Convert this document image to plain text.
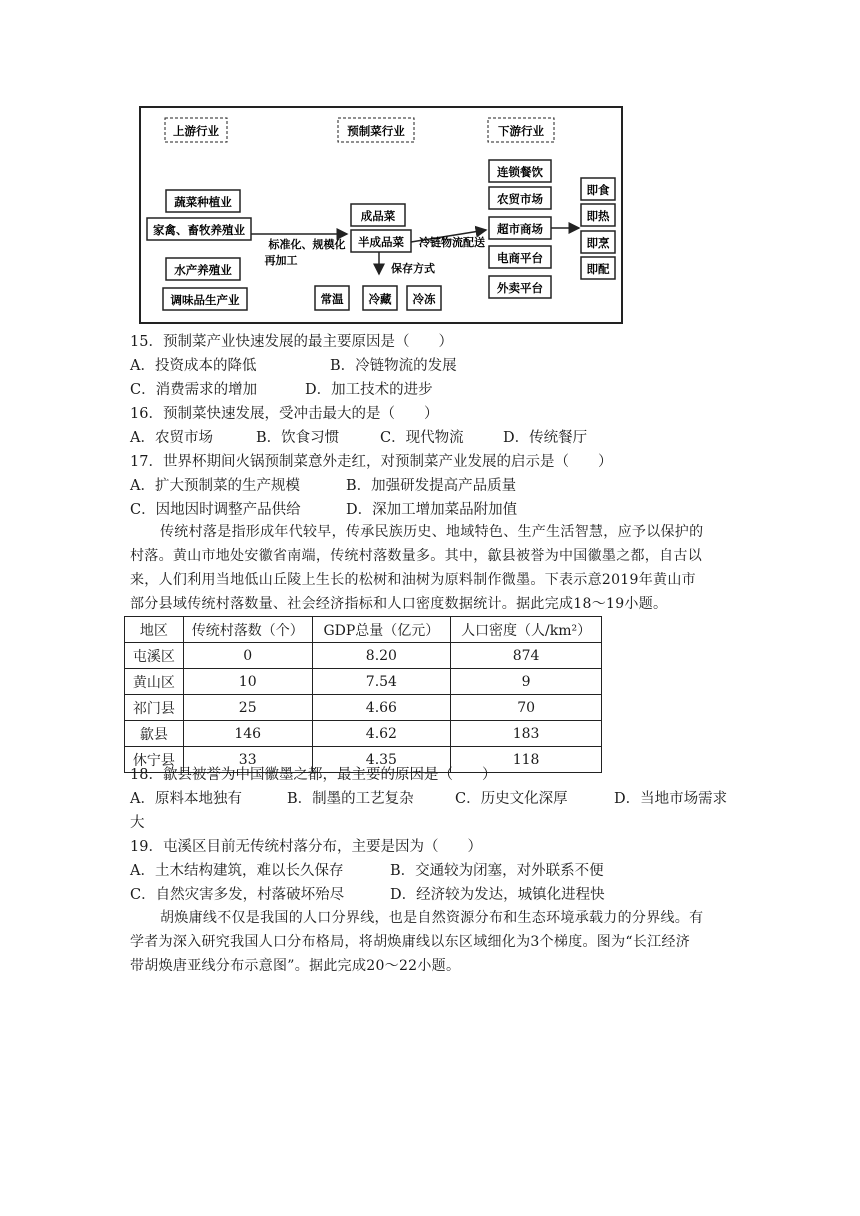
上游行业	预制菜行业	下游行业
蔬菜种植业
家禽、畜牧养殖业
水产养殖业
调味品生产业
标准化、规模化
再加工
成品菜
半成品菜
保存方式
常温 冷藏 冷冻
冷链物流配送
连锁餐饮
农贸市场
超市商场
电商平台
外卖平台
即食
即热
即烹
即配
15．预制菜产业快速发展的最主要原因是（　　）
A．投资成本的降低	B．冷链物流的发展
C．消费需求的增加	D．加工技术的进步
16．预制菜快速发展，受冲击最大的是（　　）
A．农贸市场	B．饮食习惯	C．现代物流	D．传统餐厅
17．世界杯期间火锅预制菜意外走红，对预制菜产业发展的启示是（　　）
A．扩大预制菜的生产规模	B．加强研发提高产品质量
C．因地因时调整产品供给	D．深加工增加菜品附加值
传统村落是指形成年代较早，传承民族历史、地域特色、生产生活智慧，应予以保护的
村落。黄山市地处安徽省南端，传统村落数量多。其中，歙县被誉为中国徽墨之都，自古以
来，人们利用当地低山丘陵上生长的松树和油树为原料制作微墨。下表示意2019年黄山市
部分县域传统村落数量、社会经济指标和人口密度数据统计。据此完成18～19小题。
地区	传统村落数（个）	GDP总量（亿元）	人口密度（人/km²）
屯溪区	0	8.20	874
黄山区	10	7.54	9
祁门县	25	4.66	70
歙县	146	4.62	183
休宁县	33	4.35	118
18．歙县被誉为中国徽墨之都，最主要的原因是（　　）
A．原料本地独有	B．制墨的工艺复杂	C．历史文化深厚	D．当地市场需求
大
19．屯溪区目前无传统村落分布，主要是因为（　　）
A．土木结构建筑，难以长久保存	B．交通较为闭塞，对外联系不便
C．自然灾害多发，村落破坏殆尽	D．经济较为发达，城镇化进程快
胡焕庸线不仅是我国的人口分界线，也是自然资源分布和生态环境承载力的分界线。有
学者为深入研究我国人口分布格局，将胡焕庸线以东区域细化为3个梯度。图为“长江经济
带胡焕唐亚线分布示意图”。据此完成20～22小题。
